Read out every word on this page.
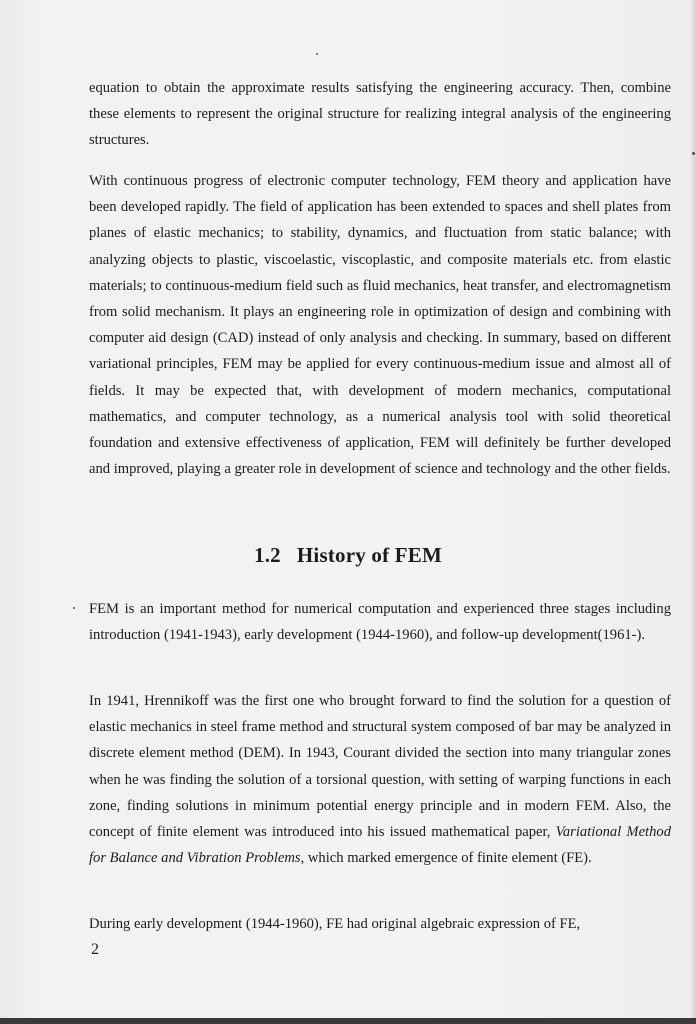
equation to obtain the approximate results satisfying the engineering accuracy. Then, combine these elements to represent the original structure for realizing integral analysis of the engineering structures.

With continuous progress of electronic computer technology, FEM theory and application have been developed rapidly. The field of application has been extended to spaces and shell plates from planes of elastic mechanics; to stability, dynamics, and fluctuation from static balance; with analyzing objects to plastic, viscoelastic, viscoplastic, and composite materials etc. from elastic materials; to continuous-medium field such as fluid mechanics, heat transfer, and electromagnetism from solid mechanism. It plays an engineering role in optimization of design and combining with computer aid design (CAD) instead of only analysis and checking. In summary, based on different variational principles, FEM may be applied for every continuous-medium issue and almost all of fields. It may be expected that, with development of modern mechanics, computational mathematics, and computer technology, as a numerical analysis tool with solid theoretical foundation and extensive effectiveness of application, FEM will definitely be further developed and improved, playing a greater role in development of science and technology and the other fields.

1.2 History of FEM

FEM is an important method for numerical computation and experienced three stages including introduction (1941-1943), early development (1944-1960), and follow-up development(1961-).

In 1941, Hrennikoff was the first one who brought forward to find the solution for a question of elastic mechanics in steel frame method and structural system composed of bar may be analyzed in discrete element method (DEM). In 1943, Courant divided the section into many triangular zones when he was finding the solution of a torsional question, with setting of warping functions in each zone, finding solutions in minimum potential energy principle and in modern FEM. Also, the concept of finite element was introduced into his issued mathematical paper, Variational Method for Balance and Vibration Problems, which marked emergence of finite element (FE).

During early development (1944-1960), FE had original algebraic expression of FE,

2
